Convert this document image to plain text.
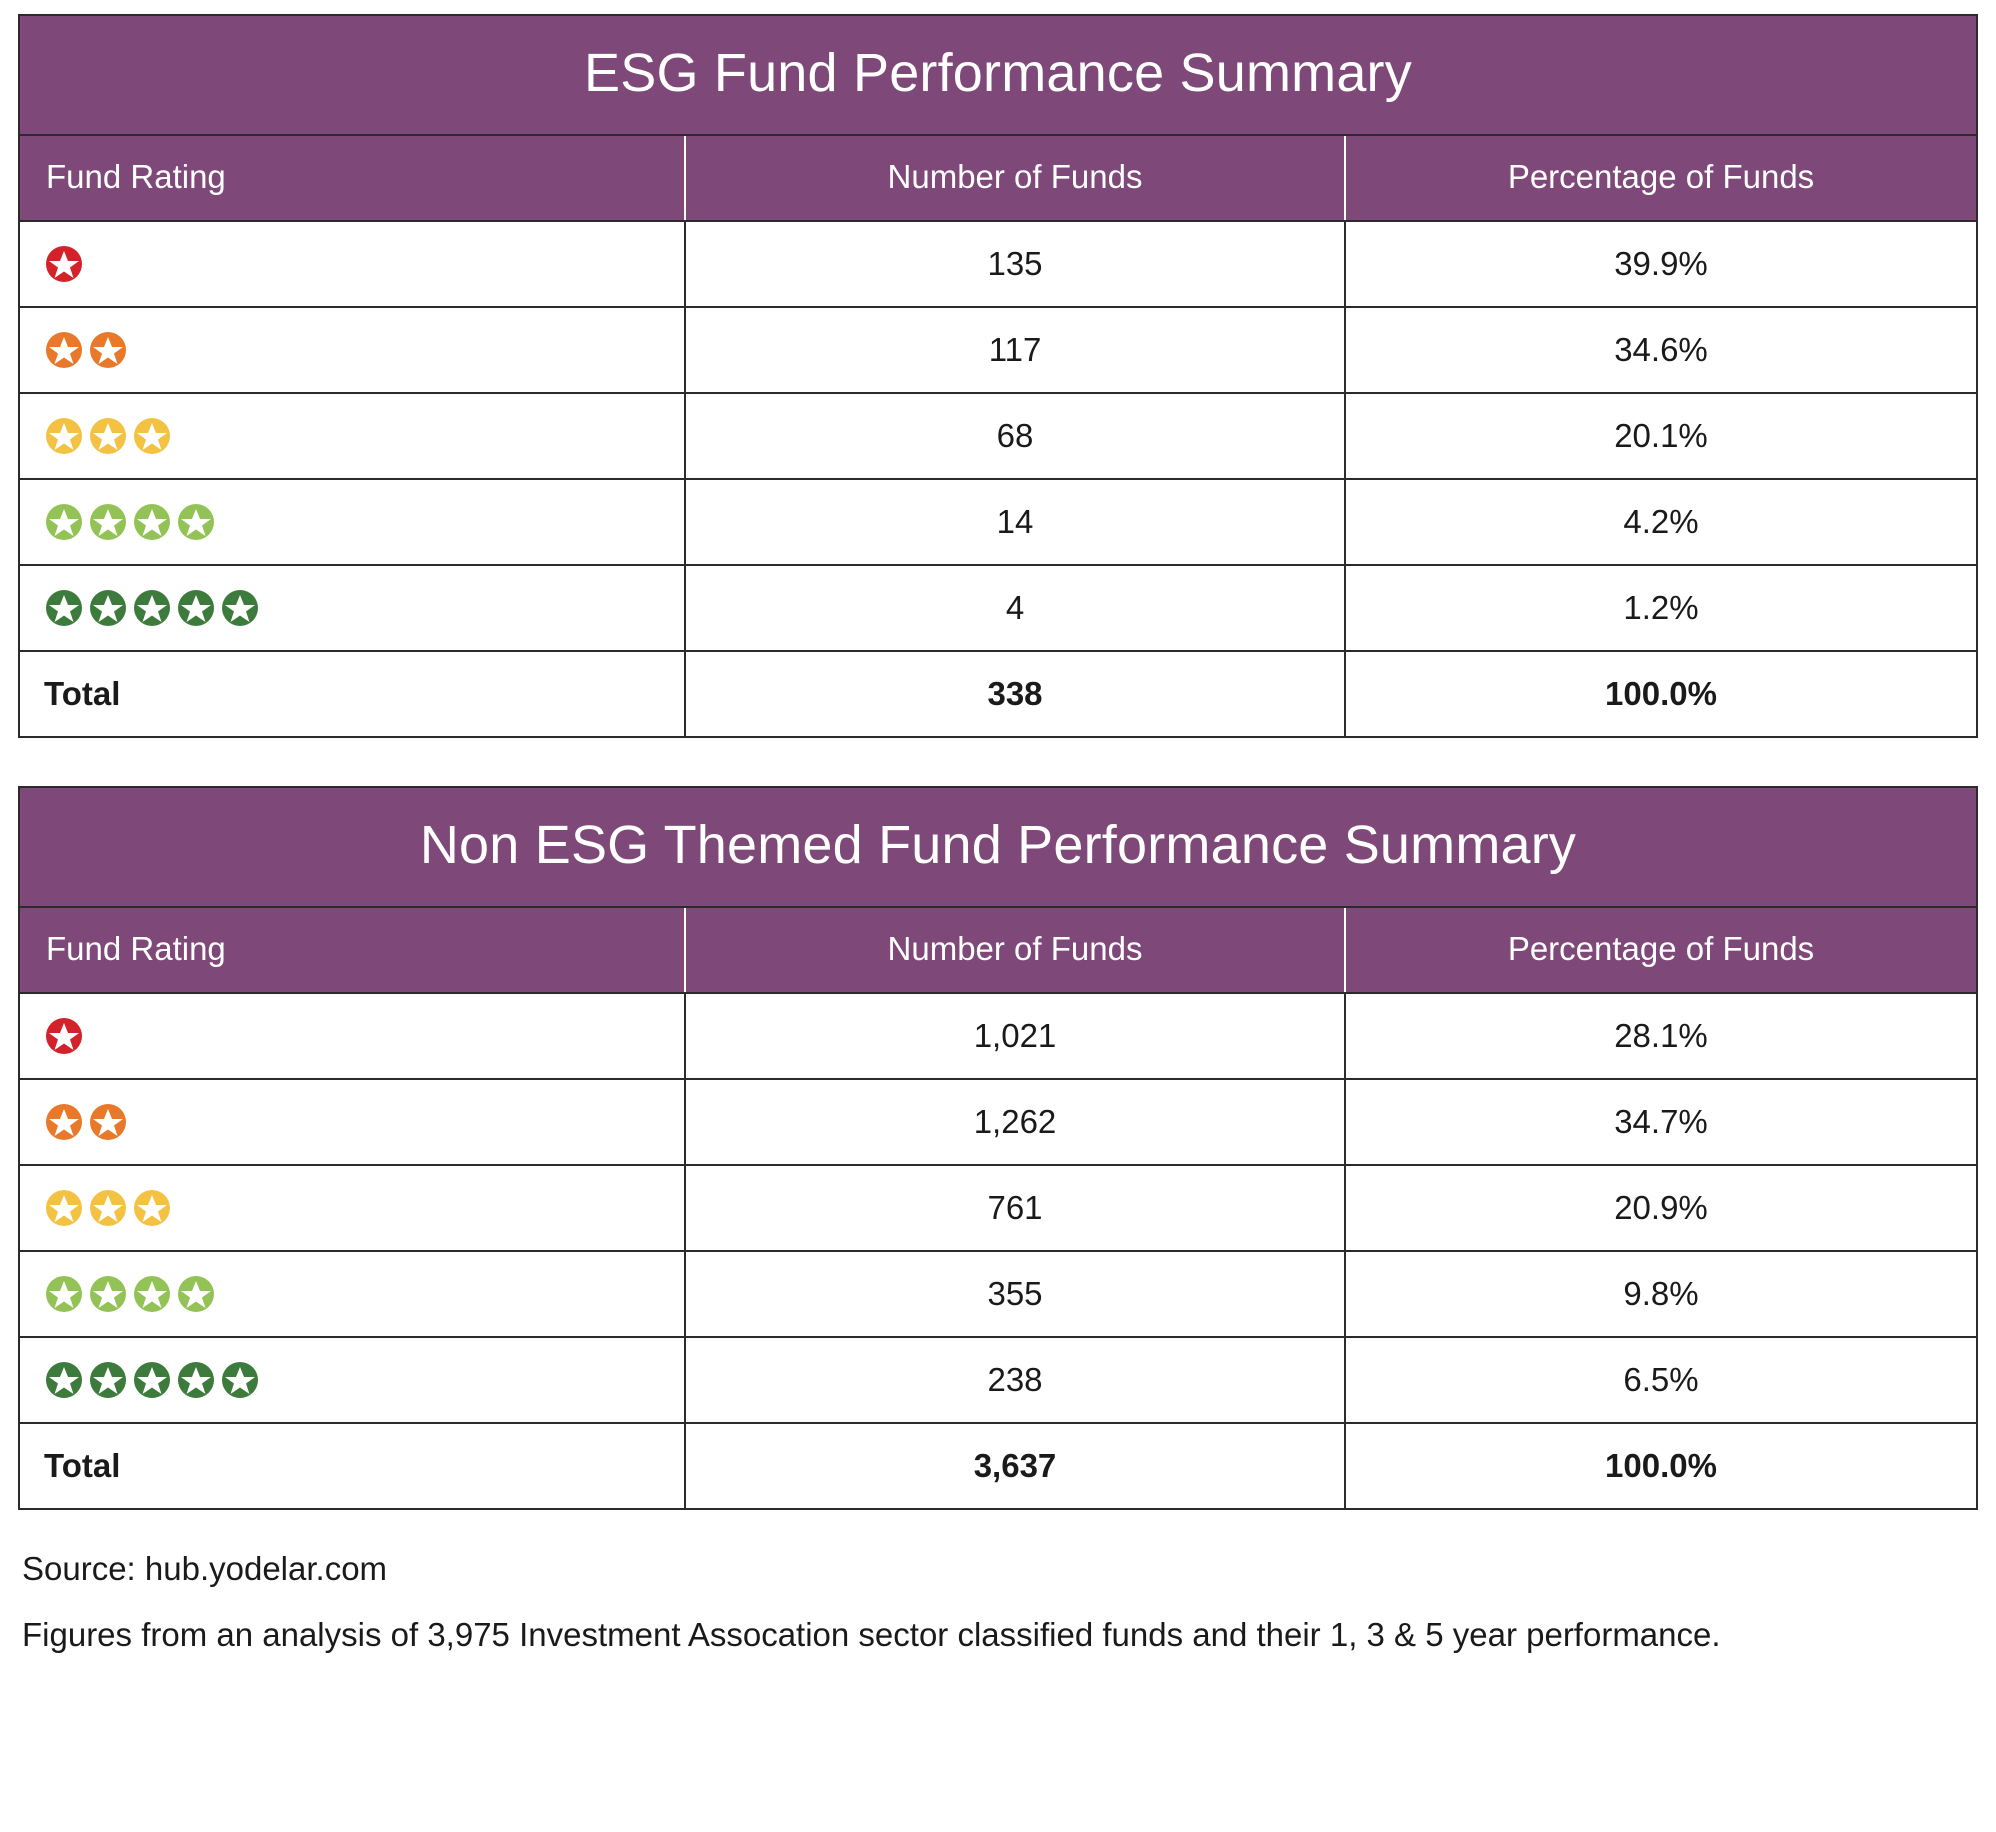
ESG Fund Performance Summary
Fund Rating	Number of Funds	Percentage of Funds

	135	39.9%

	117	34.6%

	68	20.1%

	14	4.2%

	4	1.2%
Total	338	100.0%
Non ESG Themed Fund Performance Summary
Fund Rating	Number of Funds	Percentage of Funds

	1,021	28.1%

	1,262	34.7%

	761	20.9%

	355	9.8%

	238	6.5%
Total	3,637	100.0%
Source: hub.yodelar.com
Figures from an analysis of 3,975 Investment Assocation sector classified funds and their 1, 3 & 5 year performance.
